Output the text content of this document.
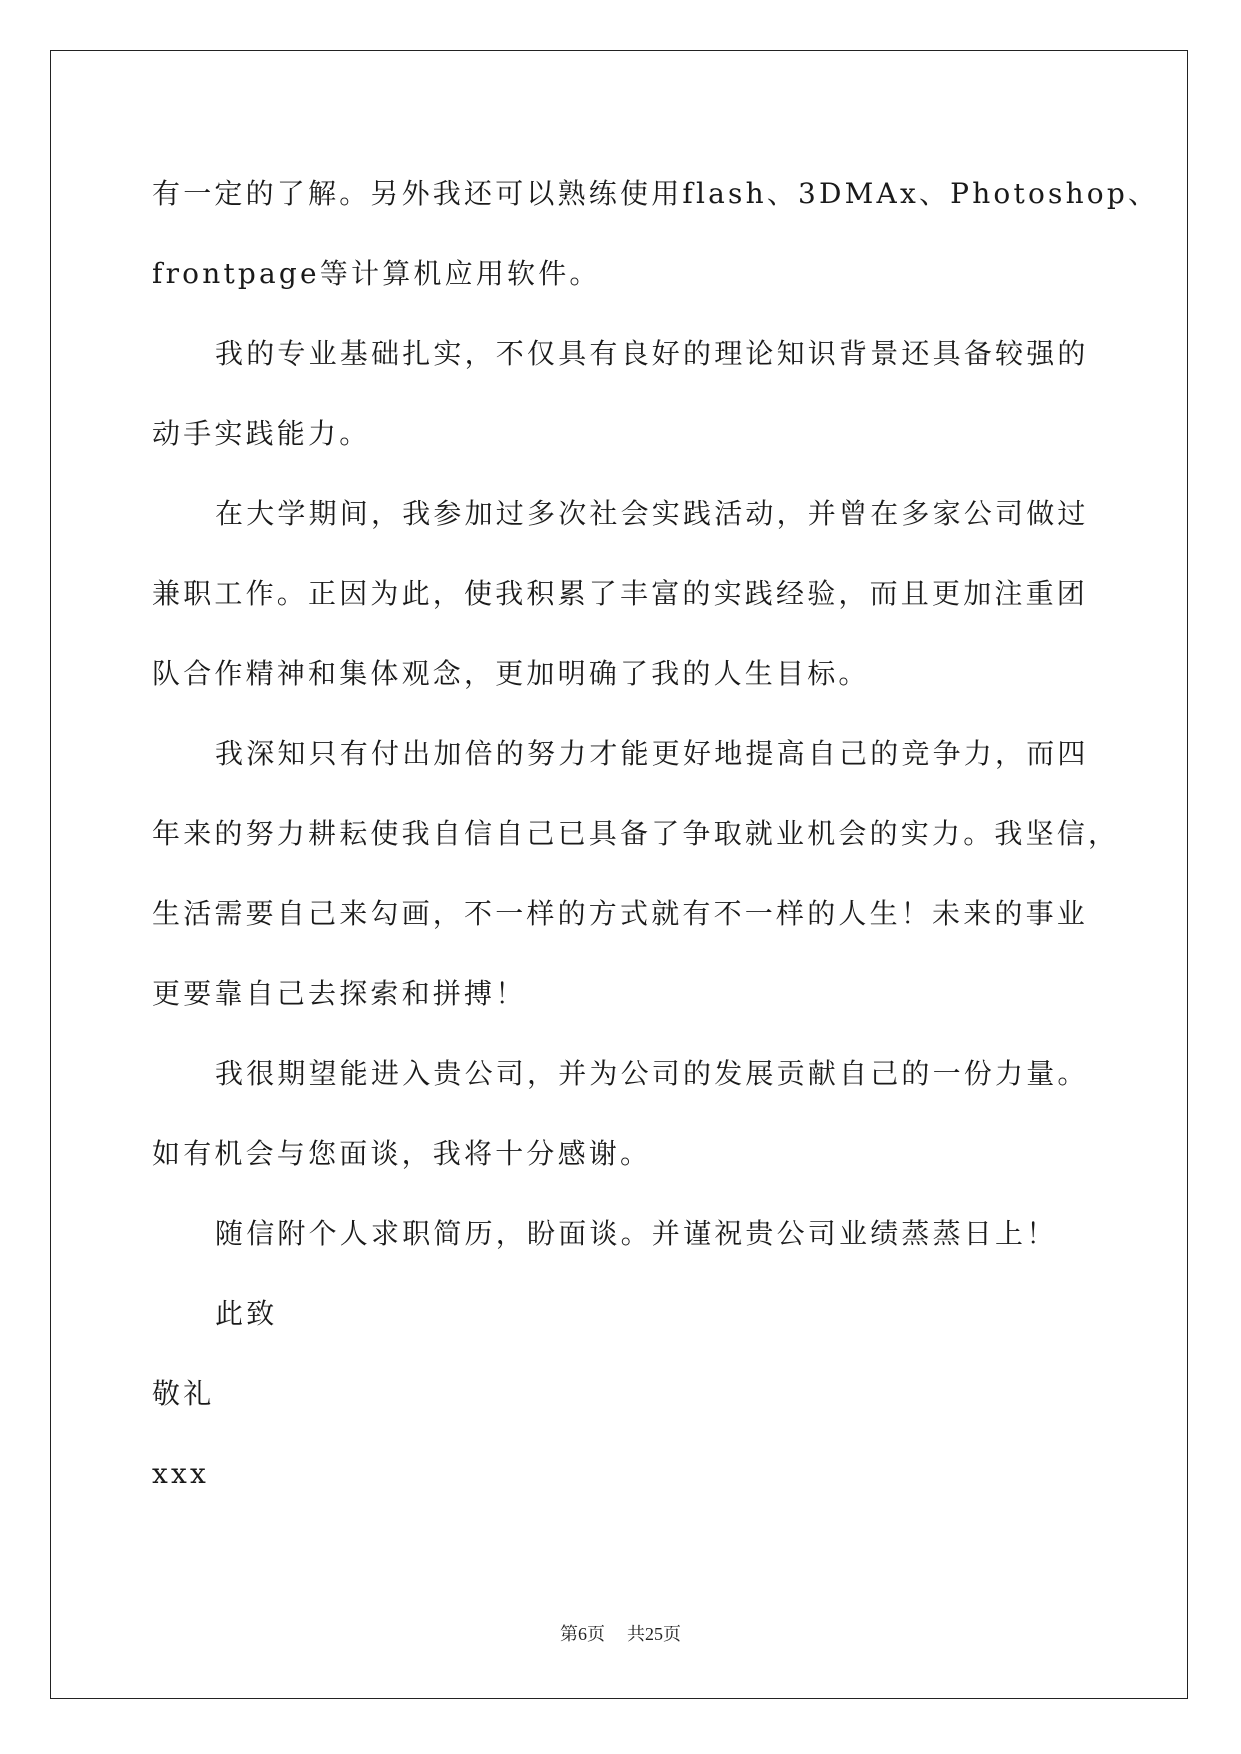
有一定的了解。另外我还可以熟练使用flash、3DMAx、Photoshop、
frontpage等计算机应用软件。
我的专业基础扎实，不仅具有良好的理论知识背景还具备较强的
动手实践能力。
在大学期间，我参加过多次社会实践活动，并曾在多家公司做过
兼职工作。正因为此，使我积累了丰富的实践经验，而且更加注重团
队合作精神和集体观念，更加明确了我的人生目标。
我深知只有付出加倍的努力才能更好地提高自己的竞争力，而四
年来的努力耕耘使我自信自己已具备了争取就业机会的实力。我坚信，
生活需要自己来勾画，不一样的方式就有不一样的人生！未来的事业
更要靠自己去探索和拼搏！
我很期望能进入贵公司，并为公司的发展贡献自己的一份力量。
如有机会与您面谈，我将十分感谢。
随信附个人求职简历，盼面谈。并谨祝贵公司业绩蒸蒸日上！
此致
敬礼
xxx
第6页 共25页
